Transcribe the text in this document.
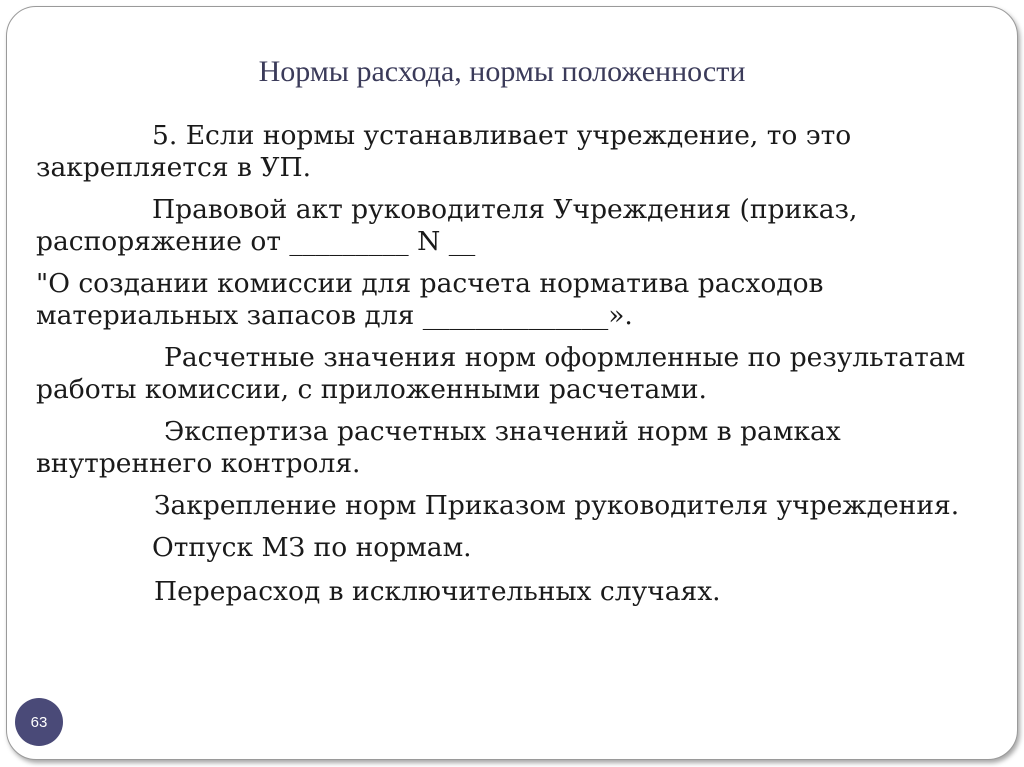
Нормы расхода, нормы положенности

5. Если нормы устанавливает учреждение, то это закрепляется в УП.

Правовой акт руководителя Учреждения (приказ, распоряжение от _________ N __

"О создании комиссии для расчета норматива расходов материальных запасов для ______________».

Расчетные значения норм оформленные по результатам работы комиссии, с приложенными расчетами.

Экспертиза расчетных значений норм в рамках внутреннего контроля.

Закрепление норм Приказом руководителя учреждения.

Отпуск МЗ по нормам.

Перерасход в исключительных случаях.

63
